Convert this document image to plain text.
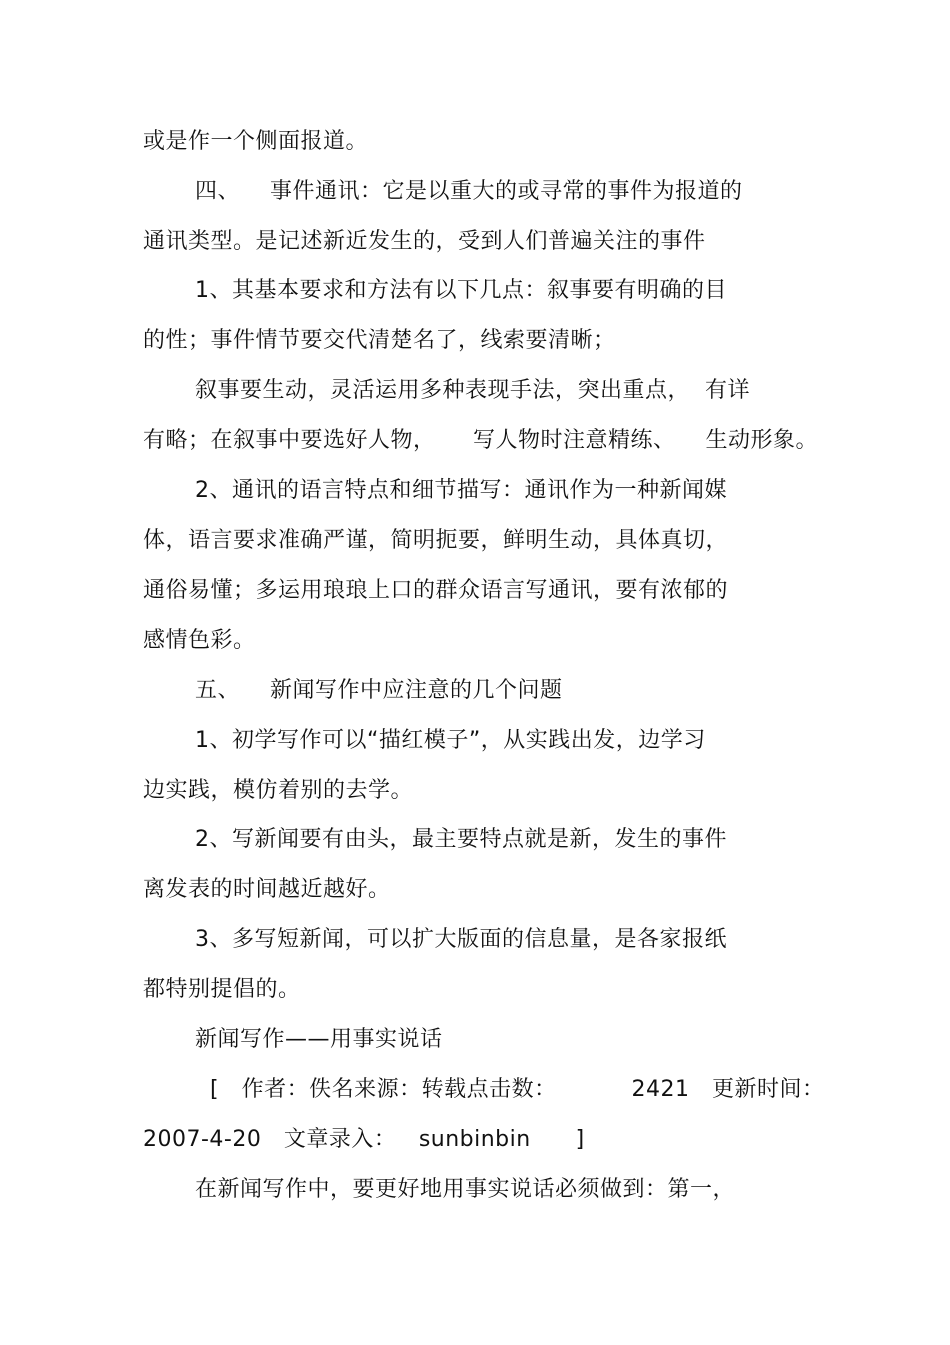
或是作一个侧面报道。
四、    事件通讯：它是以重大的或寻常的事件为报道的
通讯类型。是记述新近发生的，受到人们普遍关注的事件
1、其基本要求和方法有以下几点：叙事要有明确的目
的性；事件情节要交代清楚名了，线索要清晰；
叙事要生动，灵活运用多种表现手法，突出重点，  有详
有略；在叙事中要选好人物，     写人物时注意精练、    生动形象。
2、通讯的语言特点和细节描写：通讯作为一种新闻媒
体，语言要求准确严谨，简明扼要，鲜明生动，具体真切，
通俗易懂；多运用琅琅上口的群众语言写通讯，要有浓郁的
感情色彩。
五、    新闻写作中应注意的几个问题
1、初学写作可以“描红模子”，从实践出发，边学习
边实践，模仿着别的去学。
2、写新闻要有由头，最主要特点就是新，发生的事件
离发表的时间越近越好。
3、多写短新闻，可以扩大版面的信息量，是各家报纸
都特别提倡的。
新闻写作——用事实说话
[   作者：佚名来源：转载点击数：          2421   更新时间：
2007-4-20   文章录入：   sunbinbin      ]
在新闻写作中，要更好地用事实说话必须做到：第一，
